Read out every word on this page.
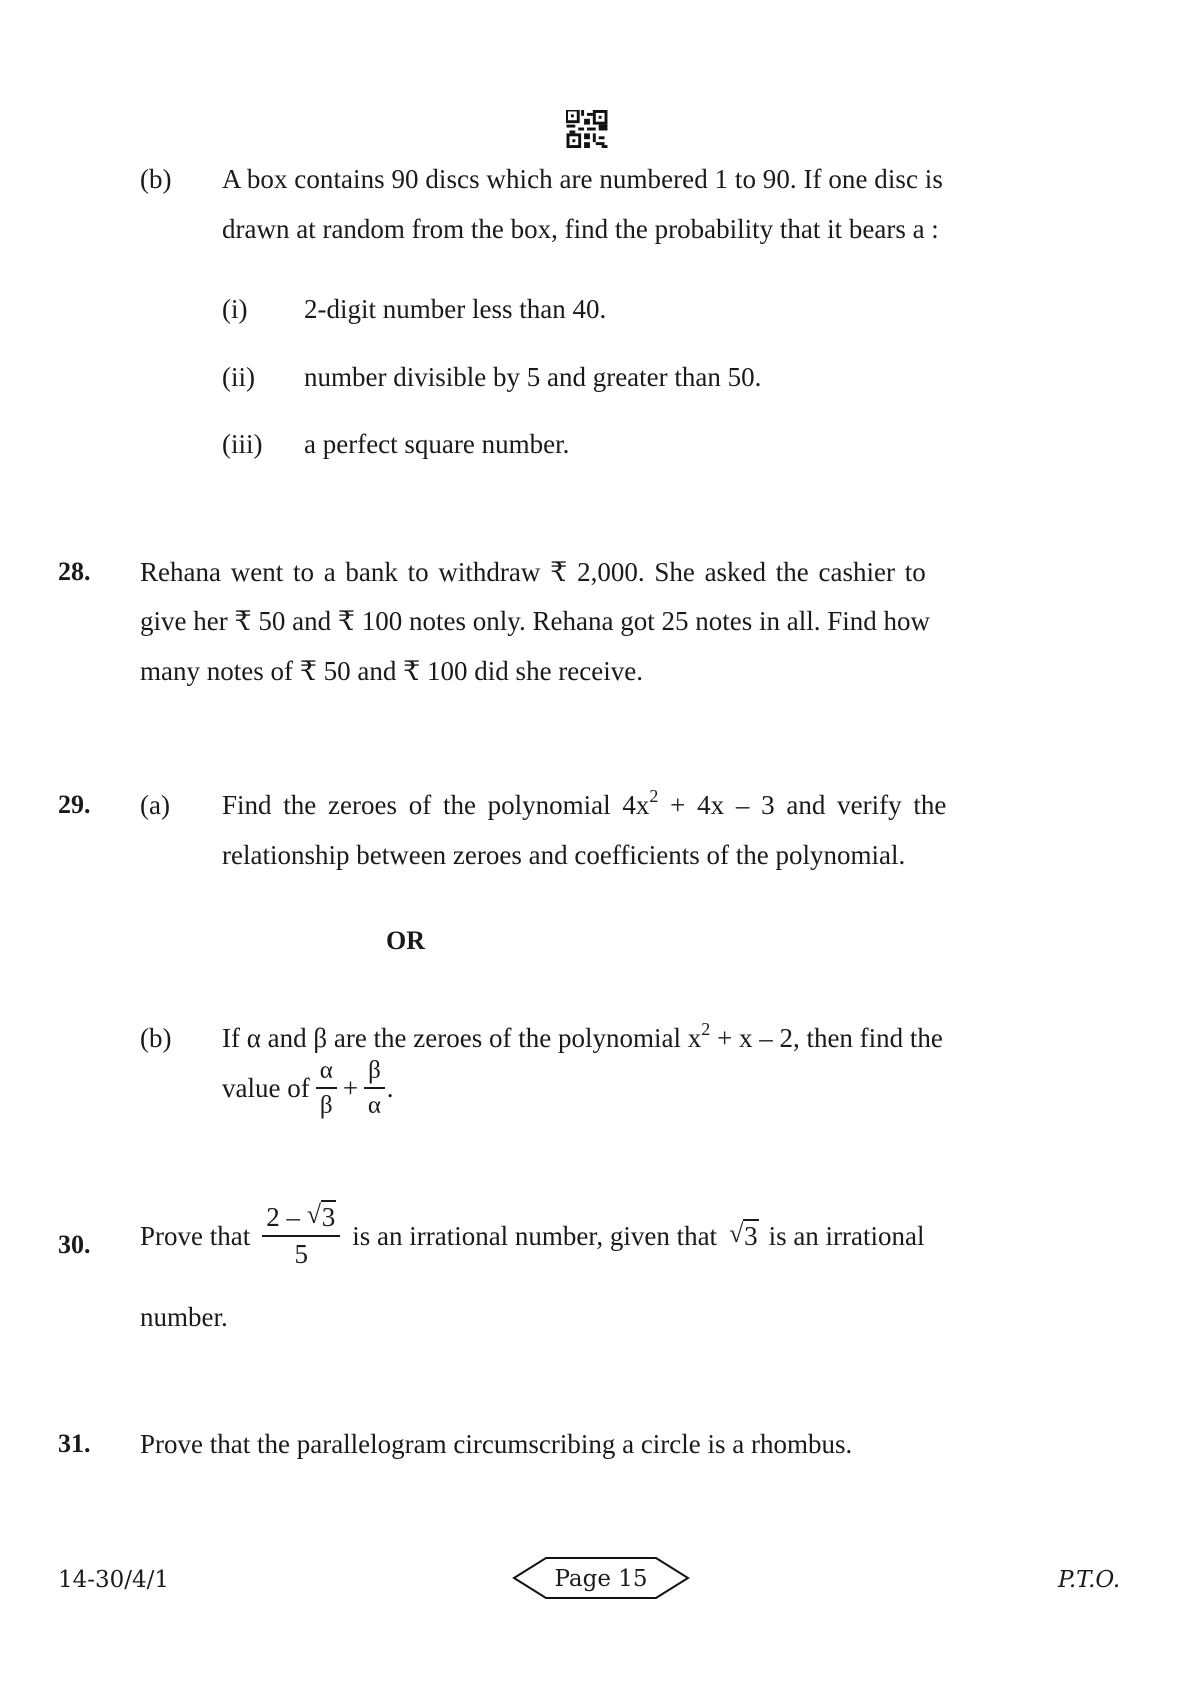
(b) A box contains 90 discs which are numbered 1 to 90. If one disc is
drawn at random from the box, find the probability that it bears a :
(i) 2-digit number less than 40.
(ii) number divisible by 5 and greater than 50.
(iii) a perfect square number.
28. Rehana went to a bank to withdraw ₹ 2,000. She asked the cashier to
give her ₹ 50 and ₹ 100 notes only. Rehana got 25 notes in all. Find how
many notes of ₹ 50 and ₹ 100 did she receive.
29. (a) Find the zeroes of the polynomial $4x^2 + 4x - 3$ and verify the
relationship between zeroes and coefficients of the polynomial.
OR
(b) If α and β are the zeroes of the polynomial $x^2 + x - 2$, then find the
value of $\frac{\alpha}{\beta} + \frac{\beta}{\alpha}$ .
30. Prove that $\frac{2 - √ 3}{5}$ is an irrational number, given that	√ 3 is an irrational
number.
31. Prove that the parallelogram circumscribing a circle is a rhombus.
14-30/4/1	Page 15	P.T.O.
